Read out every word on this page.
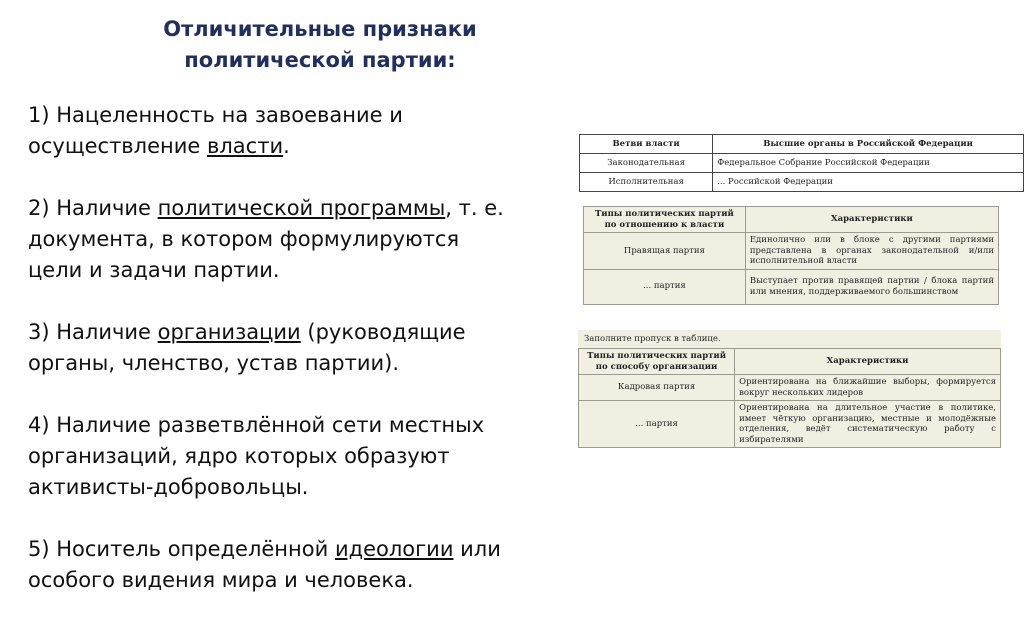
Отличительные признаки
политической партии:

1) Нацеленность на завоевание и
осуществление власти.

2) Наличие политической программы, т. е.
документа, в котором формулируются
цели и задачи партии.

3) Наличие организации (руководящие
органы, членство, устав партии).

4) Наличие разветвлённой сети местных
организаций, ядро которых образуют
активисты-добровольцы.

5) Носитель определённой идеологии или
особого видения мира и человека.

Ветви власти	Высшие органы в Российской Федерации
Законодательная	Федеральное Собрание Российской Федерации
Исполнительная	... Российской Федерации
Типы политических партий по отношению к власти	Характеристики
Правящая партия	Единолично или в блоке с другими партиями представлена в органах законодательной и/или исполнительной власти
... партия	Выступает против правящей партии / блока партий или мнения, поддерживаемого большинством
Заполните пропуск в таблице.
Типы политических партий по способу организации	Характеристики
Кадровая партия	Ориентирована на ближайшие выборы, формируется вокруг нескольких лидеров
... партия	Ориентирована на длительное участие в политике, имеет чёткую организацию, местные и молодёжные отделения, ведёт систематическую работу с избирателями
